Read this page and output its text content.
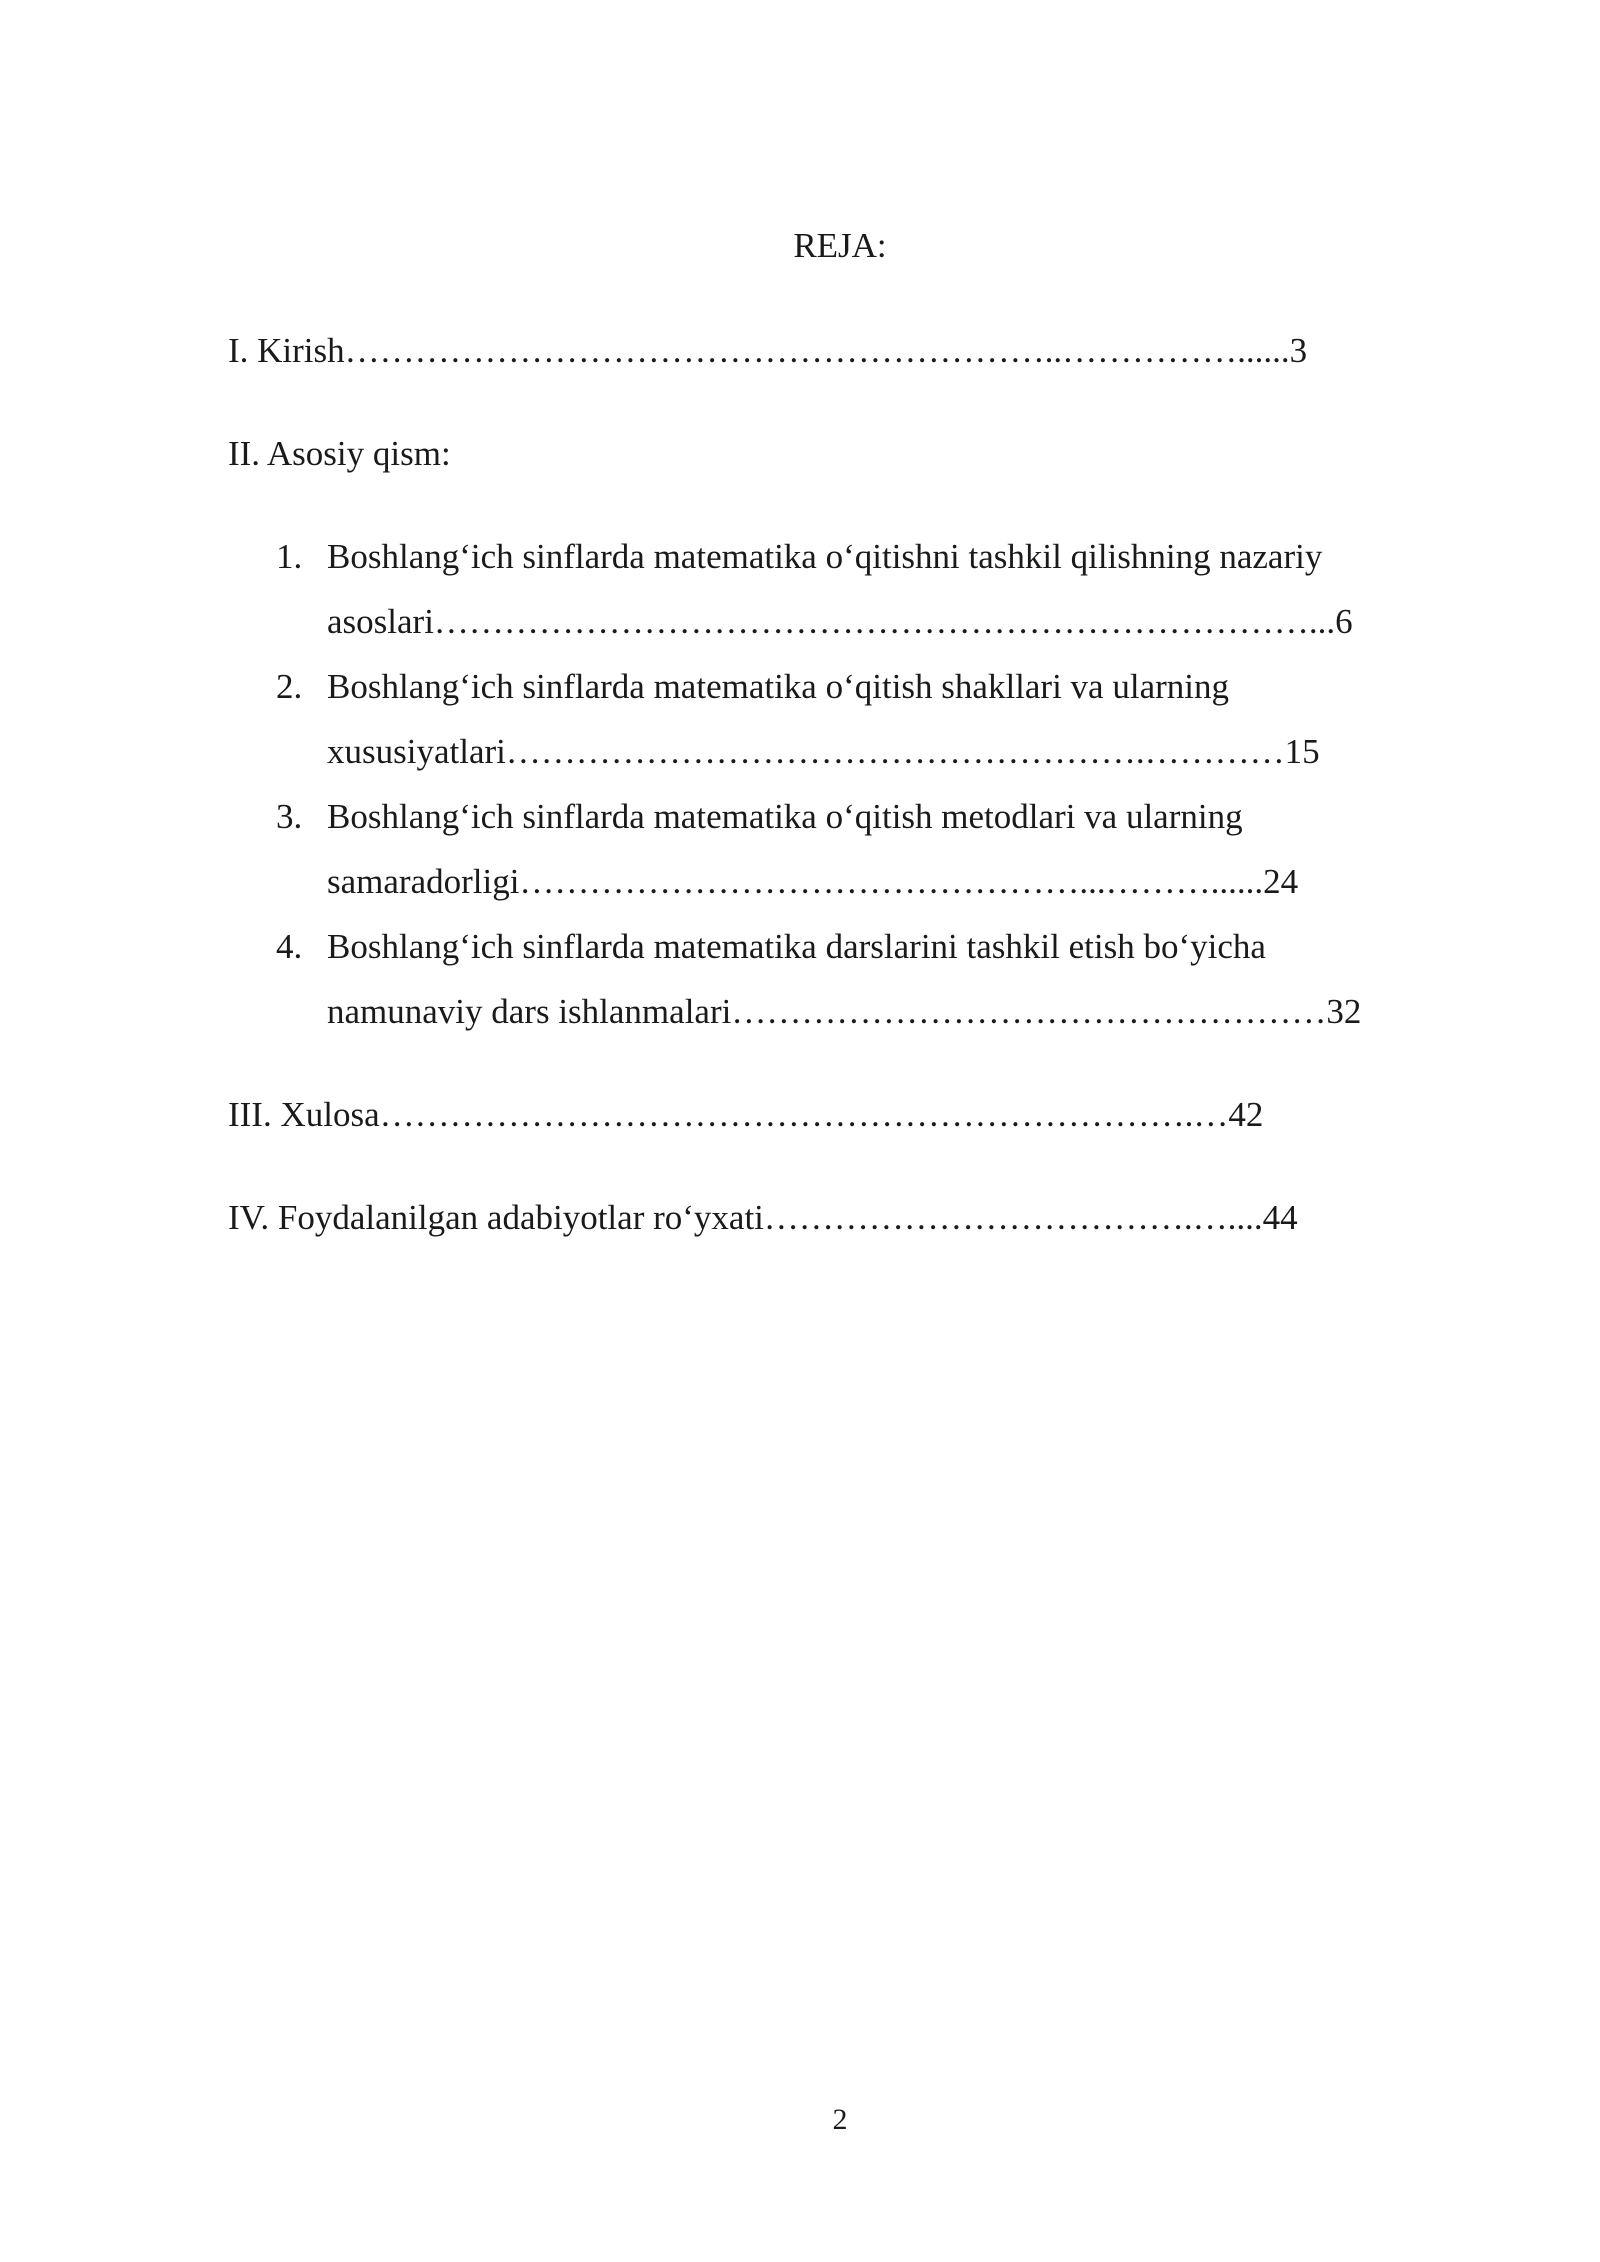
REJA:
I. Kirish……………………………………………………..……………......3
II. Asosiy qism:
1. Boshlang‘ich sinflarda matematika o‘qitishni tashkil qilishning nazariy
asoslari…………………………………………………………………...6
2. Boshlang‘ich sinflarda matematika o‘qitish shakllari va ularning
xususiyatlari……………………………………………….…………15
3. Boshlang‘ich sinflarda matematika o‘qitish metodlari va ularning
samaradorligi…………………………………………...………......24
4. Boshlang‘ich sinflarda matematika darslarini tashkil etish bo‘yicha
namunaviy dars ishlanmalari……………………………………………32
III. Xulosa…………………………………………………………….…42
IV. Foydalanilgan adabiyotlar ro‘yxati……………………………….…....44
2
